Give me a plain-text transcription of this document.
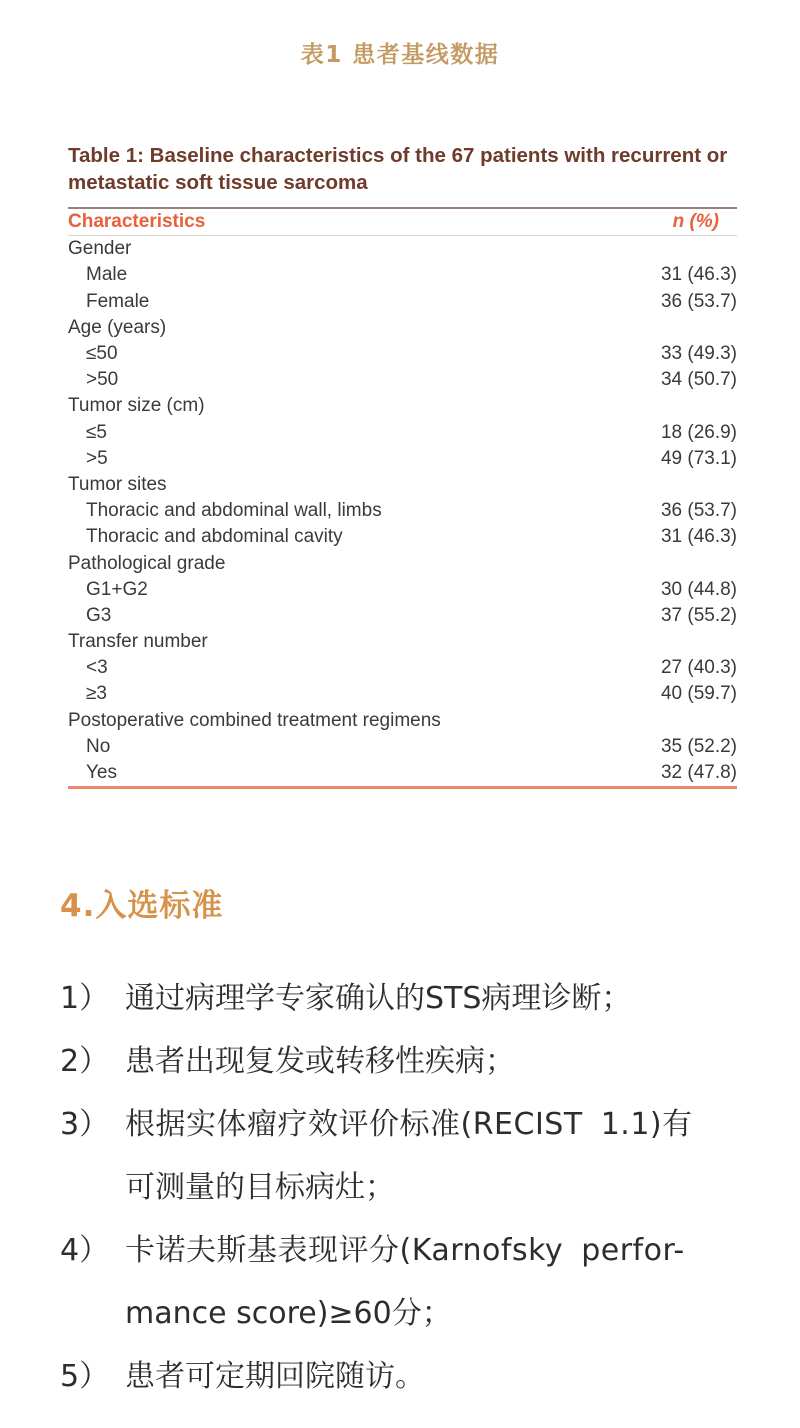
表1 患者基线数据

Table 1: Baseline characteristics of the 67 patients with recurrent or metastatic soft tissue sarcoma

Characteristics	n (%)
Gender
Male	31 (46.3)
Female	36 (53.7)
Age (years)
≤50	33 (49.3)
>50	34 (50.7)
Tumor size (cm)
≤5	18 (26.9)
>5	49 (73.1)
Tumor sites
Thoracic and abdominal wall, limbs	36 (53.7)
Thoracic and abdominal cavity	31 (46.3)
Pathological grade
G1+G2	30 (44.8)
G3	37 (55.2)
Transfer number
<3	27 (40.3)
≥3	40 (59.7)
Postoperative combined treatment regimens
No	35 (52.2)
Yes	32 (47.8)
4.入选标准
1） 通过病理学专家确认的STS病理诊断；
2） 患者出现复发或转移性疾病；
3） 根据实体瘤疗效评价标准(RECIST 1.1)有
可测量的目标病灶；
4） 卡诺夫斯基表现评分(Karnofsky perfor-
mance score)≥60分；
5） 患者可定期回院随访。
